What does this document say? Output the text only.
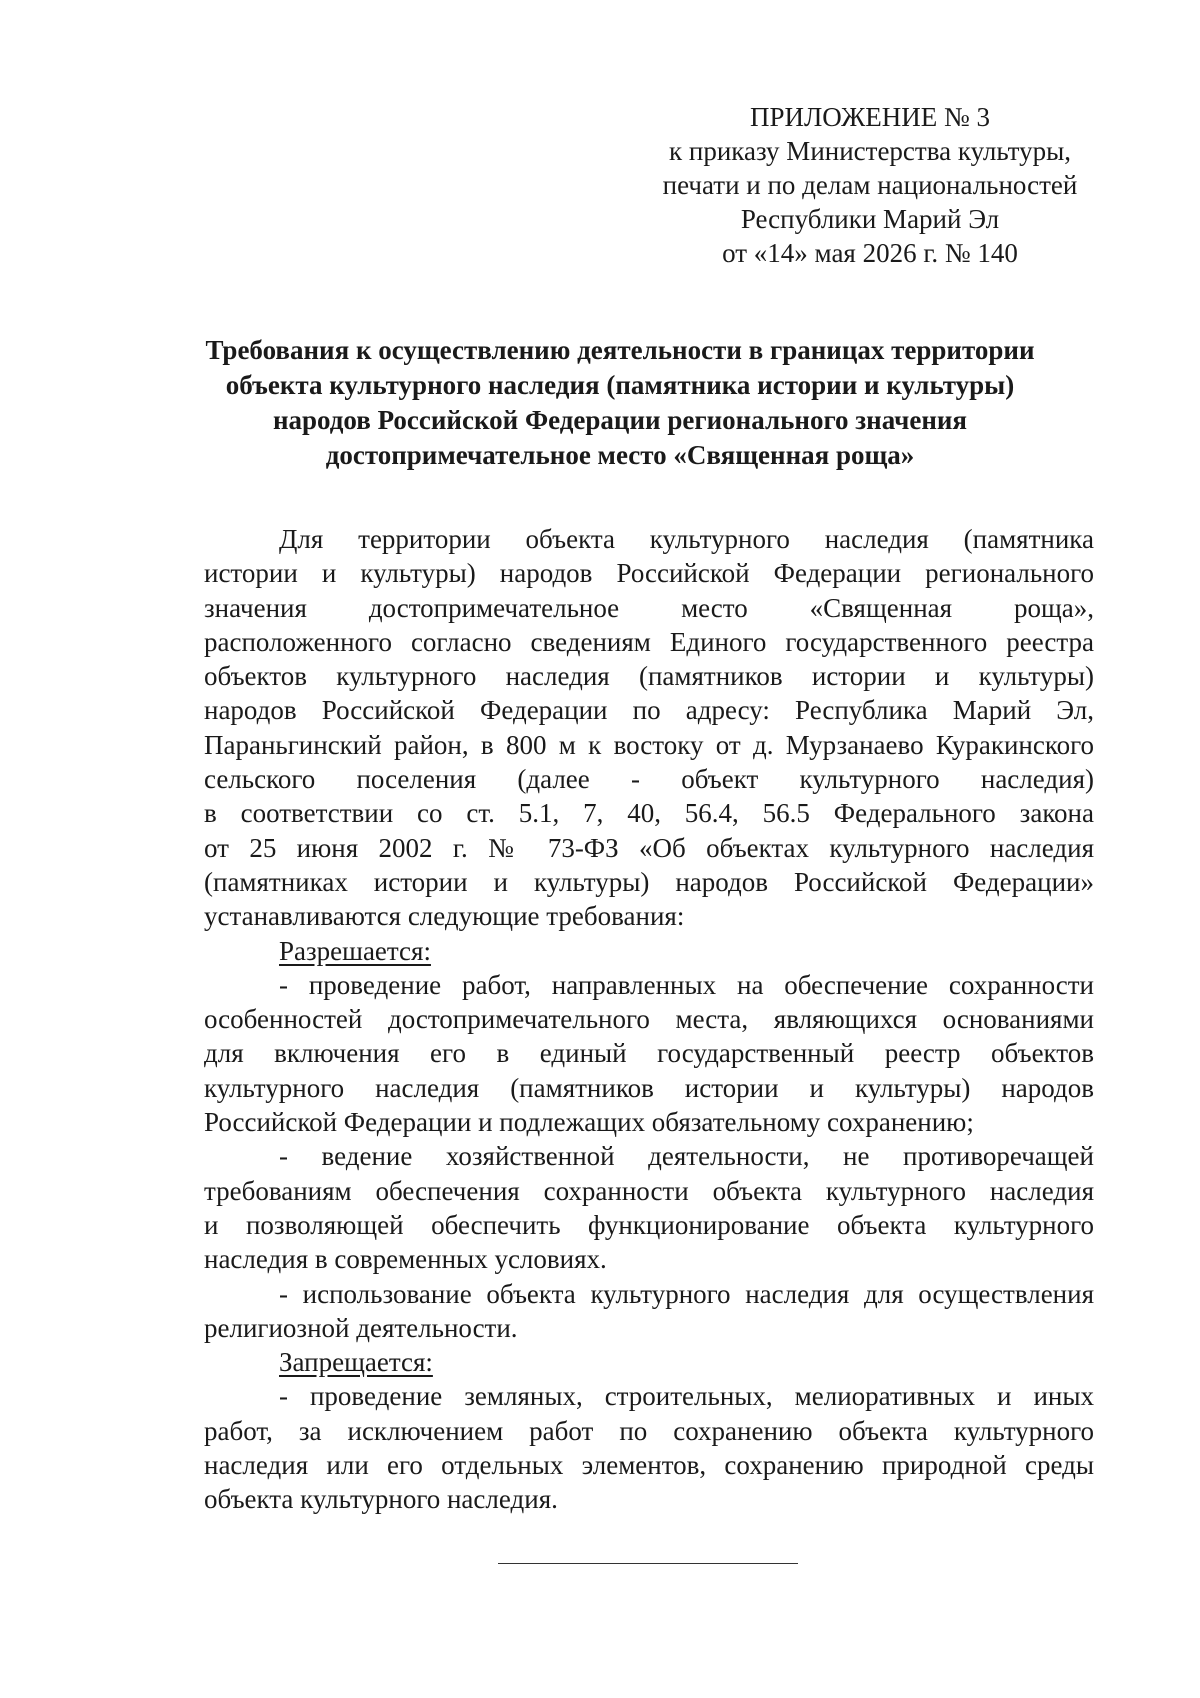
ПРИЛОЖЕНИЕ № 3
к приказу Министерства культуры,
печати и по делам национальностей
Республики Марий Эл
от «14» мая 2026 г. № 140
Требования к осуществлению деятельности в границах территории
объекта культурного наследия (памятника истории и культуры)
народов Российской Федерации регионального значения
достопримечательное место «Священная роща»
Для территории объекта культурного наследия (памятника
истории и культуры) народов Российской Федерации регионального
значения достопримечательное место «Священная роща»,
расположенного согласно сведениям Единого государственного реестра
объектов культурного наследия (памятников истории и культуры)
народов Российской Федерации по адресу: Республика Марий Эл,
Параньгинский район, в 800 м к востоку от д. Мурзанаево Куракинского
сельского поселения (далее - объект культурного наследия)
в соответствии со ст. 5.1, 7, 40, 56.4, 56.5 Федерального закона
от 25 июня 2002 г. № 73-ФЗ «Об объектах культурного наследия
(памятниках истории и культуры) народов Российской Федерации»
устанавливаются следующие требования:
Разрешается:
- проведение работ, направленных на обеспечение сохранности
особенностей достопримечательного места, являющихся основаниями
для включения его в единый государственный реестр объектов
культурного наследия (памятников истории и культуры) народов
Российской Федерации и подлежащих обязательному сохранению;
- ведение хозяйственной деятельности, не противоречащей
требованиям обеспечения сохранности объекта культурного наследия
и позволяющей обеспечить функционирование объекта культурного
наследия в современных условиях.
- использование объекта культурного наследия для осуществления
религиозной деятельности.
Запрещается:
- проведение земляных, строительных, мелиоративных и иных
работ, за исключением работ по сохранению объекта культурного
наследия или его отдельных элементов, сохранению природной среды
объекта культурного наследия.
